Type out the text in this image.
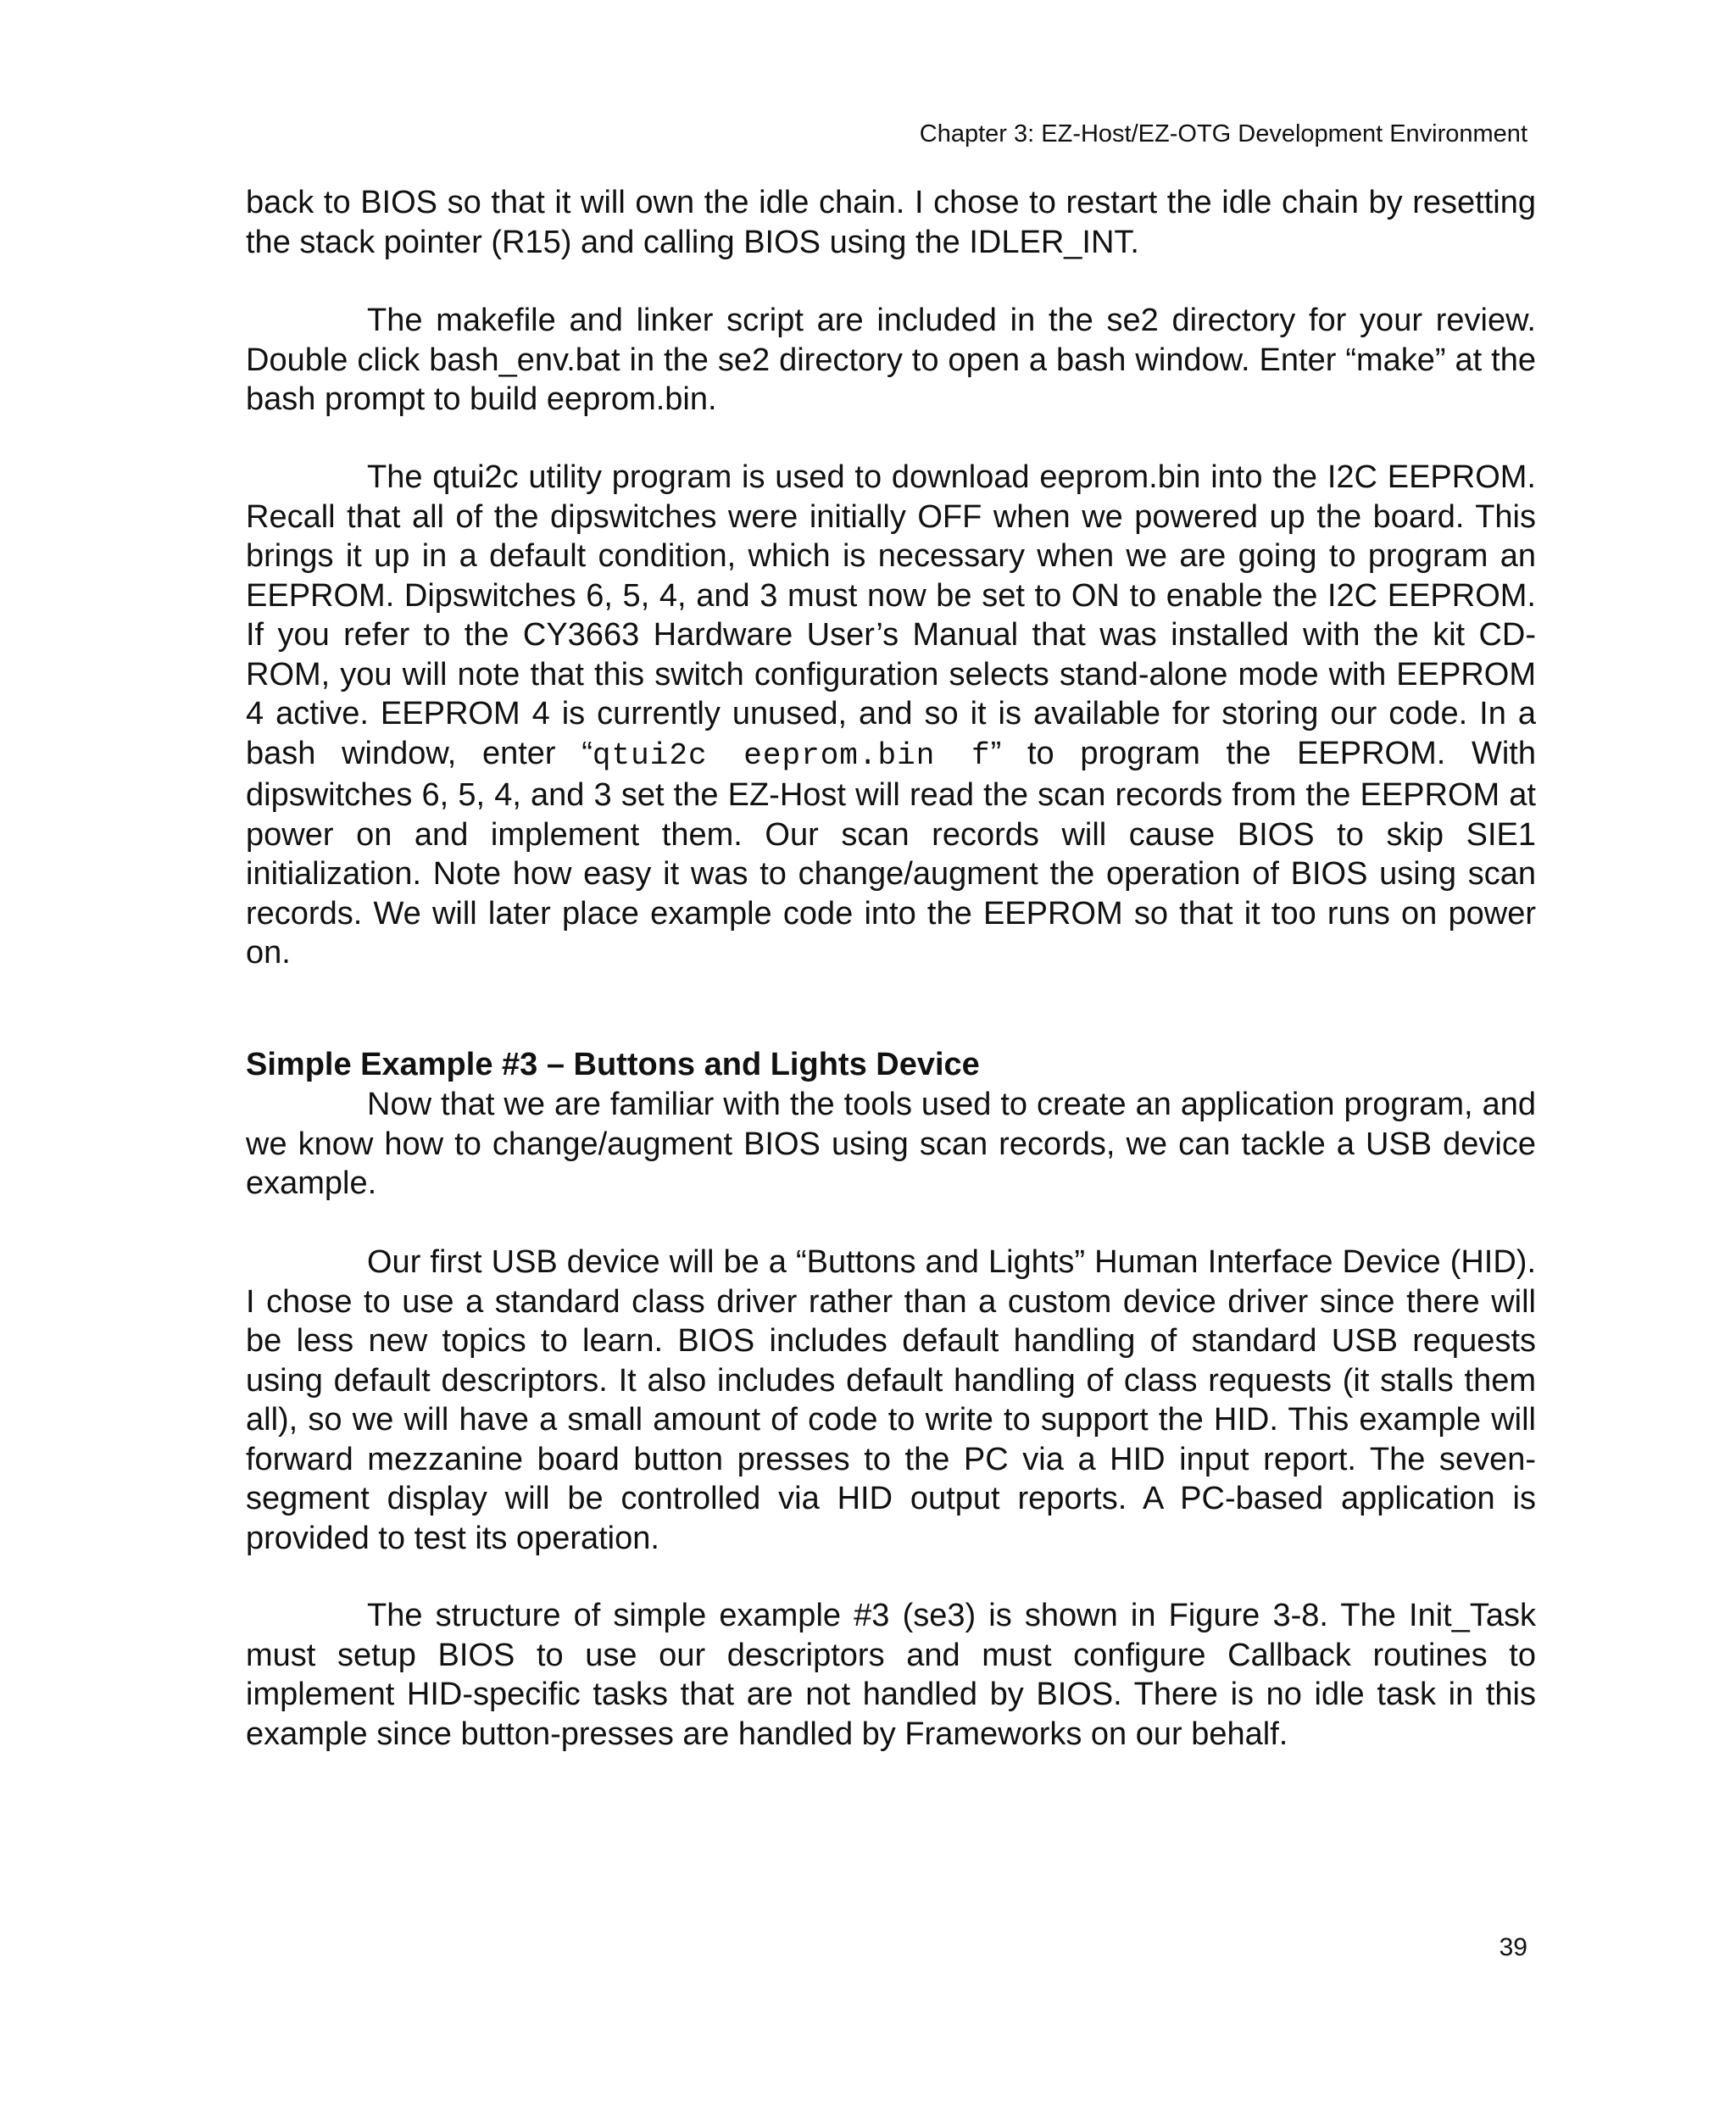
Chapter 3: EZ-Host/EZ-OTG Development Environment

back to BIOS so that it will own the idle chain. I chose to restart the idle chain by resetting the stack pointer (R15) and calling BIOS using the IDLER_INT.

The makefile and linker script are included in the se2 directory for your review. Double click bash_env.bat in the se2 directory to open a bash window. Enter “make” at the bash prompt to build eeprom.bin.

The qtui2c utility program is used to download eeprom.bin into the I2C EEPROM. Recall that all of the dipswitches were initially OFF when we powered up the board. This brings it up in a default condition, which is necessary when we are going to program an EEPROM. Dipswitches 6, 5, 4, and 3 must now be set to ON to enable the I2C EEPROM. If you refer to the CY3663 Hardware User’s Manual that was installed with the kit CD-ROM, you will note that this switch configuration selects stand-alone mode with EEPROM 4 active. EEPROM 4 is currently unused, and so it is available for storing our code. In a bash window, enter “qtui2c eeprom.bin f” to program the EEPROM. With dipswitches 6, 5, 4, and 3 set the EZ-Host will read the scan records from the EEPROM at power on and implement them. Our scan records will cause BIOS to skip SIE1 initialization. Note how easy it was to change/augment the operation of BIOS using scan records. We will later place example code into the EEPROM so that it too runs on power on.

Simple Example #3 – Buttons and Lights Device

Now that we are familiar with the tools used to create an application program, and we know how to change/augment BIOS using scan records, we can tackle a USB device example.

Our first USB device will be a “Buttons and Lights” Human Interface Device (HID). I chose to use a standard class driver rather than a custom device driver since there will be less new topics to learn. BIOS includes default handling of standard USB requests using default descriptors. It also includes default handling of class requests (it stalls them all), so we will have a small amount of code to write to support the HID. This example will forward mezzanine board button presses to the PC via a HID input report. The seven-segment display will be controlled via HID output reports. A PC-based application is provided to test its operation.

The structure of simple example #3 (se3) is shown in Figure 3-8. The Init_Task must setup BIOS to use our descriptors and must configure Callback routines to implement HID-specific tasks that are not handled by BIOS. There is no idle task in this example since button-presses are handled by Frameworks on our behalf.

39
